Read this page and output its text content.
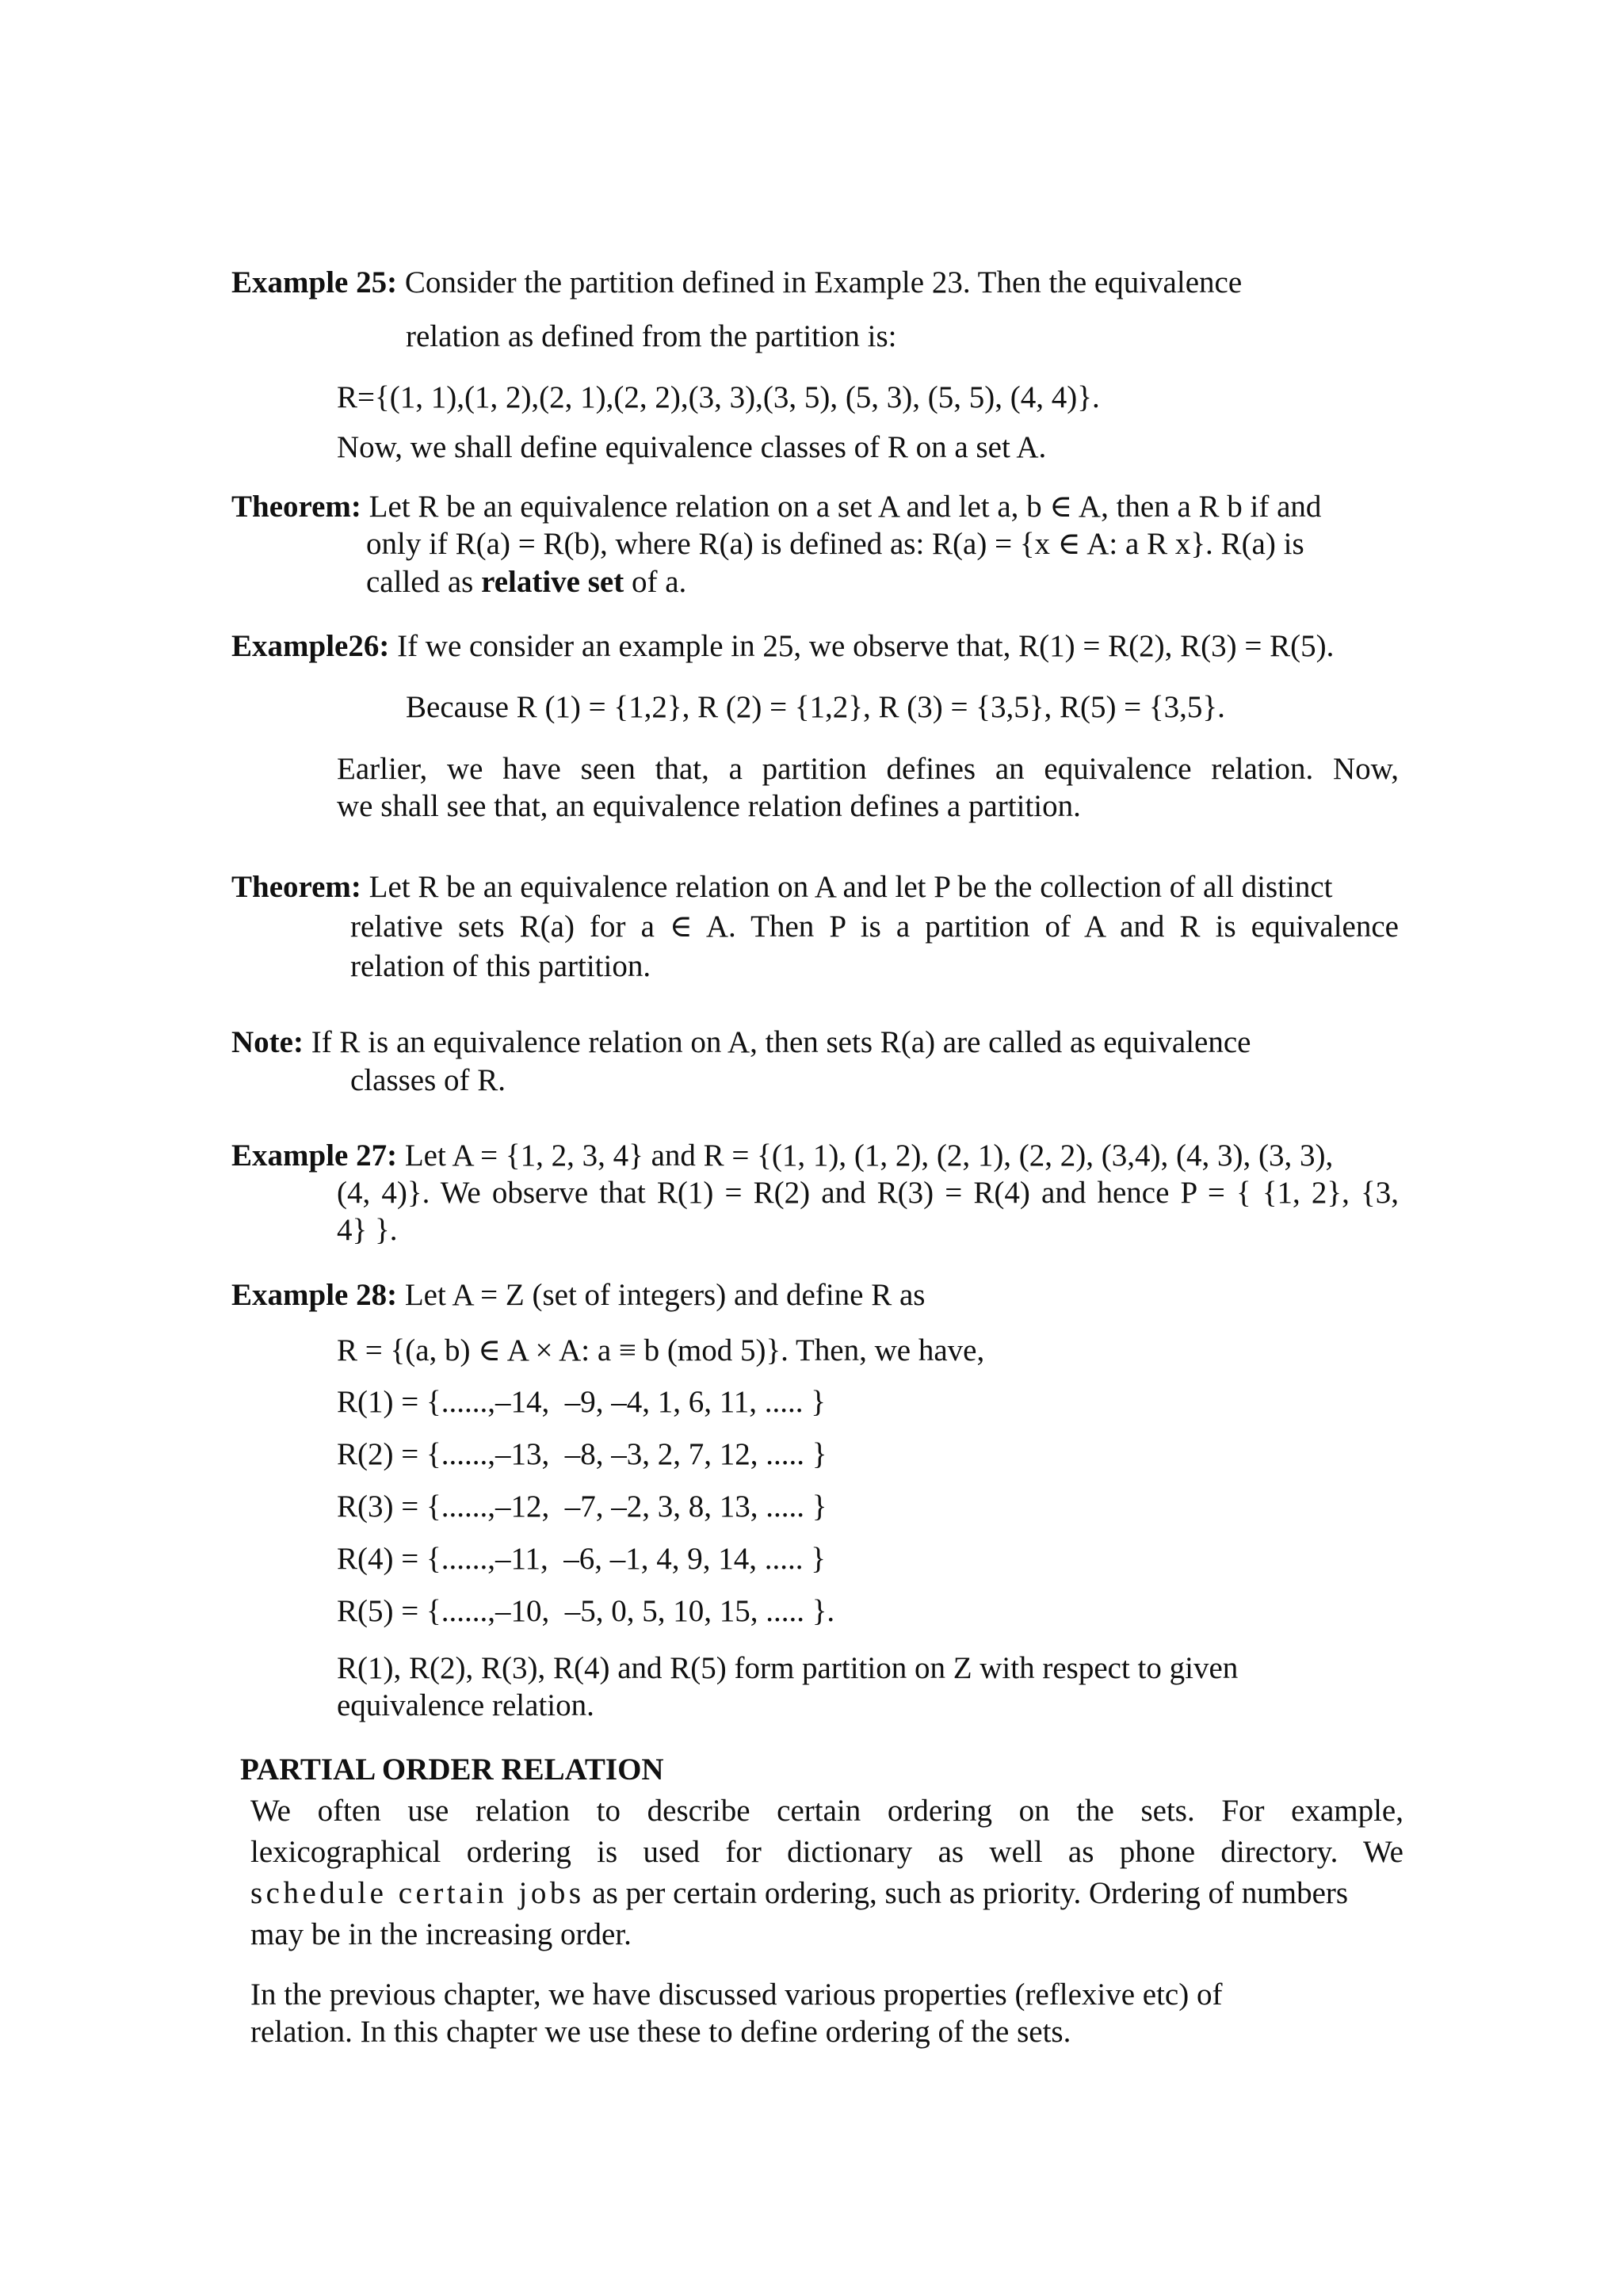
Example 25: Consider the partition defined in Example 23. Then the equivalence
relation as defined from the partition is:
R={(1, 1),(1, 2),(2, 1),(2, 2),(3, 3),(3, 5), (5, 3), (5, 5), (4, 4)}.
Now, we shall define equivalence classes of R on a set A.
Theorem: Let R be an equivalence relation on a set A and let a, b ∈ A, then a R b if and
only if R(a) = R(b), where R(a) is defined as: R(a) = {x ∈ A: a R x}. R(a) is
called as relative set of a.
Example26: If we consider an example in 25, we observe that, R(1) = R(2), R(3) = R(5).
Because R (1) = {1,2}, R (2) = {1,2}, R (3) = {3,5}, R(5) = {3,5}.
Earlier, we have seen that, a partition defines an equivalence relation. Now,
we shall see that, an equivalence relation defines a partition.
Theorem: Let R be an equivalence relation on A and let P be the collection of all distinct
relative sets R(a) for a ∈ A. Then P is a partition of A and R is equivalence
relation of this partition.
Note: If R is an equivalence relation on A, then sets R(a) are called as equivalence
classes of R.
Example 27: Let A = {1, 2, 3, 4} and R = {(1, 1), (1, 2), (2, 1), (2, 2), (3,4), (4, 3), (3, 3),
(4, 4)}. We observe that R(1) = R(2) and R(3) = R(4) and hence P = { {1, 2}, {3,
4} }.
Example 28: Let A = Z (set of integers) and define R as
R = {(a, b) ∈ A × A: a ≡ b (mod 5)}. Then, we have,
R(1) = {......,–14,  –9, –4, 1, 6, 11, ..... }
R(2) = {......,–13,  –8, –3, 2, 7, 12, ..... }
R(3) = {......,–12,  –7, –2, 3, 8, 13, ..... }
R(4) = {......,–11,  –6, –1, 4, 9, 14, ..... }
R(5) = {......,–10,  –5, 0, 5, 10, 15, ..... }.
R(1), R(2), R(3), R(4) and R(5) form partition on Z with respect to given
equivalence relation.
PARTIAL ORDER RELATION
We often use relation to describe certain ordering on the sets. For example,
lexicographical ordering is used for dictionary as well as phone directory. We
schedule certain jobs as per certain ordering, such as priority. Ordering of numbers
may be in the increasing order.
In the previous chapter, we have discussed various properties (reflexive etc) of
relation. In this chapter we use these to define ordering of the sets.
